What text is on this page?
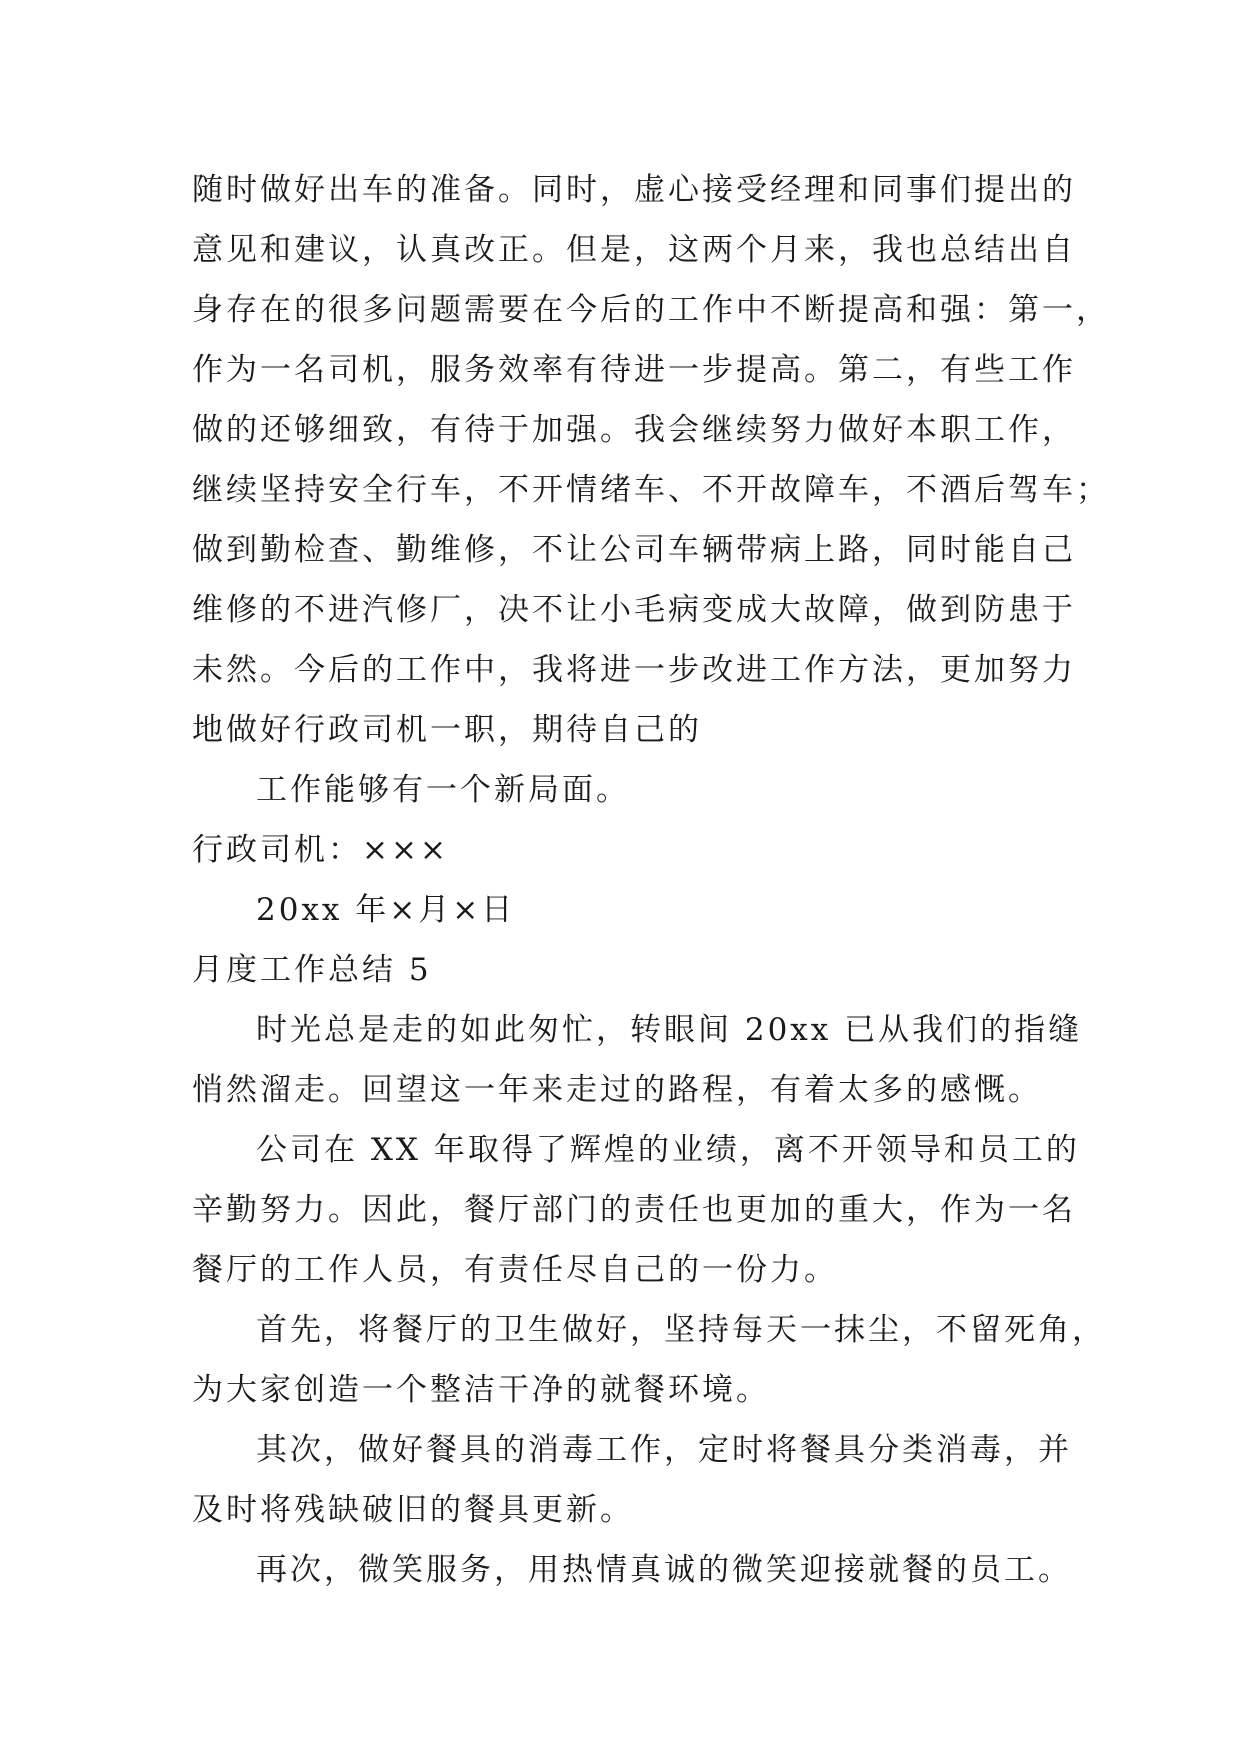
随时做好出车的准备。同时，虚心接受经理和同事们提出的
意见和建议，认真改正。但是，这两个月来，我也总结出自
身存在的很多问题需要在今后的工作中不断提高和强：第一，
作为一名司机，服务效率有待进一步提高。第二，有些工作
做的还够细致，有待于加强。我会继续努力做好本职工作，
继续坚持安全行车，不开情绪车、不开故障车，不酒后驾车；
做到勤检查、勤维修，不让公司车辆带病上路，同时能自己
维修的不进汽修厂，决不让小毛病变成大故障，做到防患于
未然。今后的工作中，我将进一步改进工作方法，更加努力
地做好行政司机一职，期待自己的
工作能够有一个新局面。
行政司机：×××
20xx 年×月×日
月度工作总结 5
时光总是走的如此匆忙，转眼间 20xx 已从我们的指缝
悄然溜走。回望这一年来走过的路程，有着太多的感慨。
公司在 XX 年取得了辉煌的业绩，离不开领导和员工的
辛勤努力。因此，餐厅部门的责任也更加的重大，作为一名
餐厅的工作人员，有责任尽自己的一份力。
首先，将餐厅的卫生做好，坚持每天一抹尘，不留死角，
为大家创造一个整洁干净的就餐环境。
其次，做好餐具的消毒工作，定时将餐具分类消毒，并
及时将残缺破旧的餐具更新。
再次，微笑服务，用热情真诚的微笑迎接就餐的员工。
